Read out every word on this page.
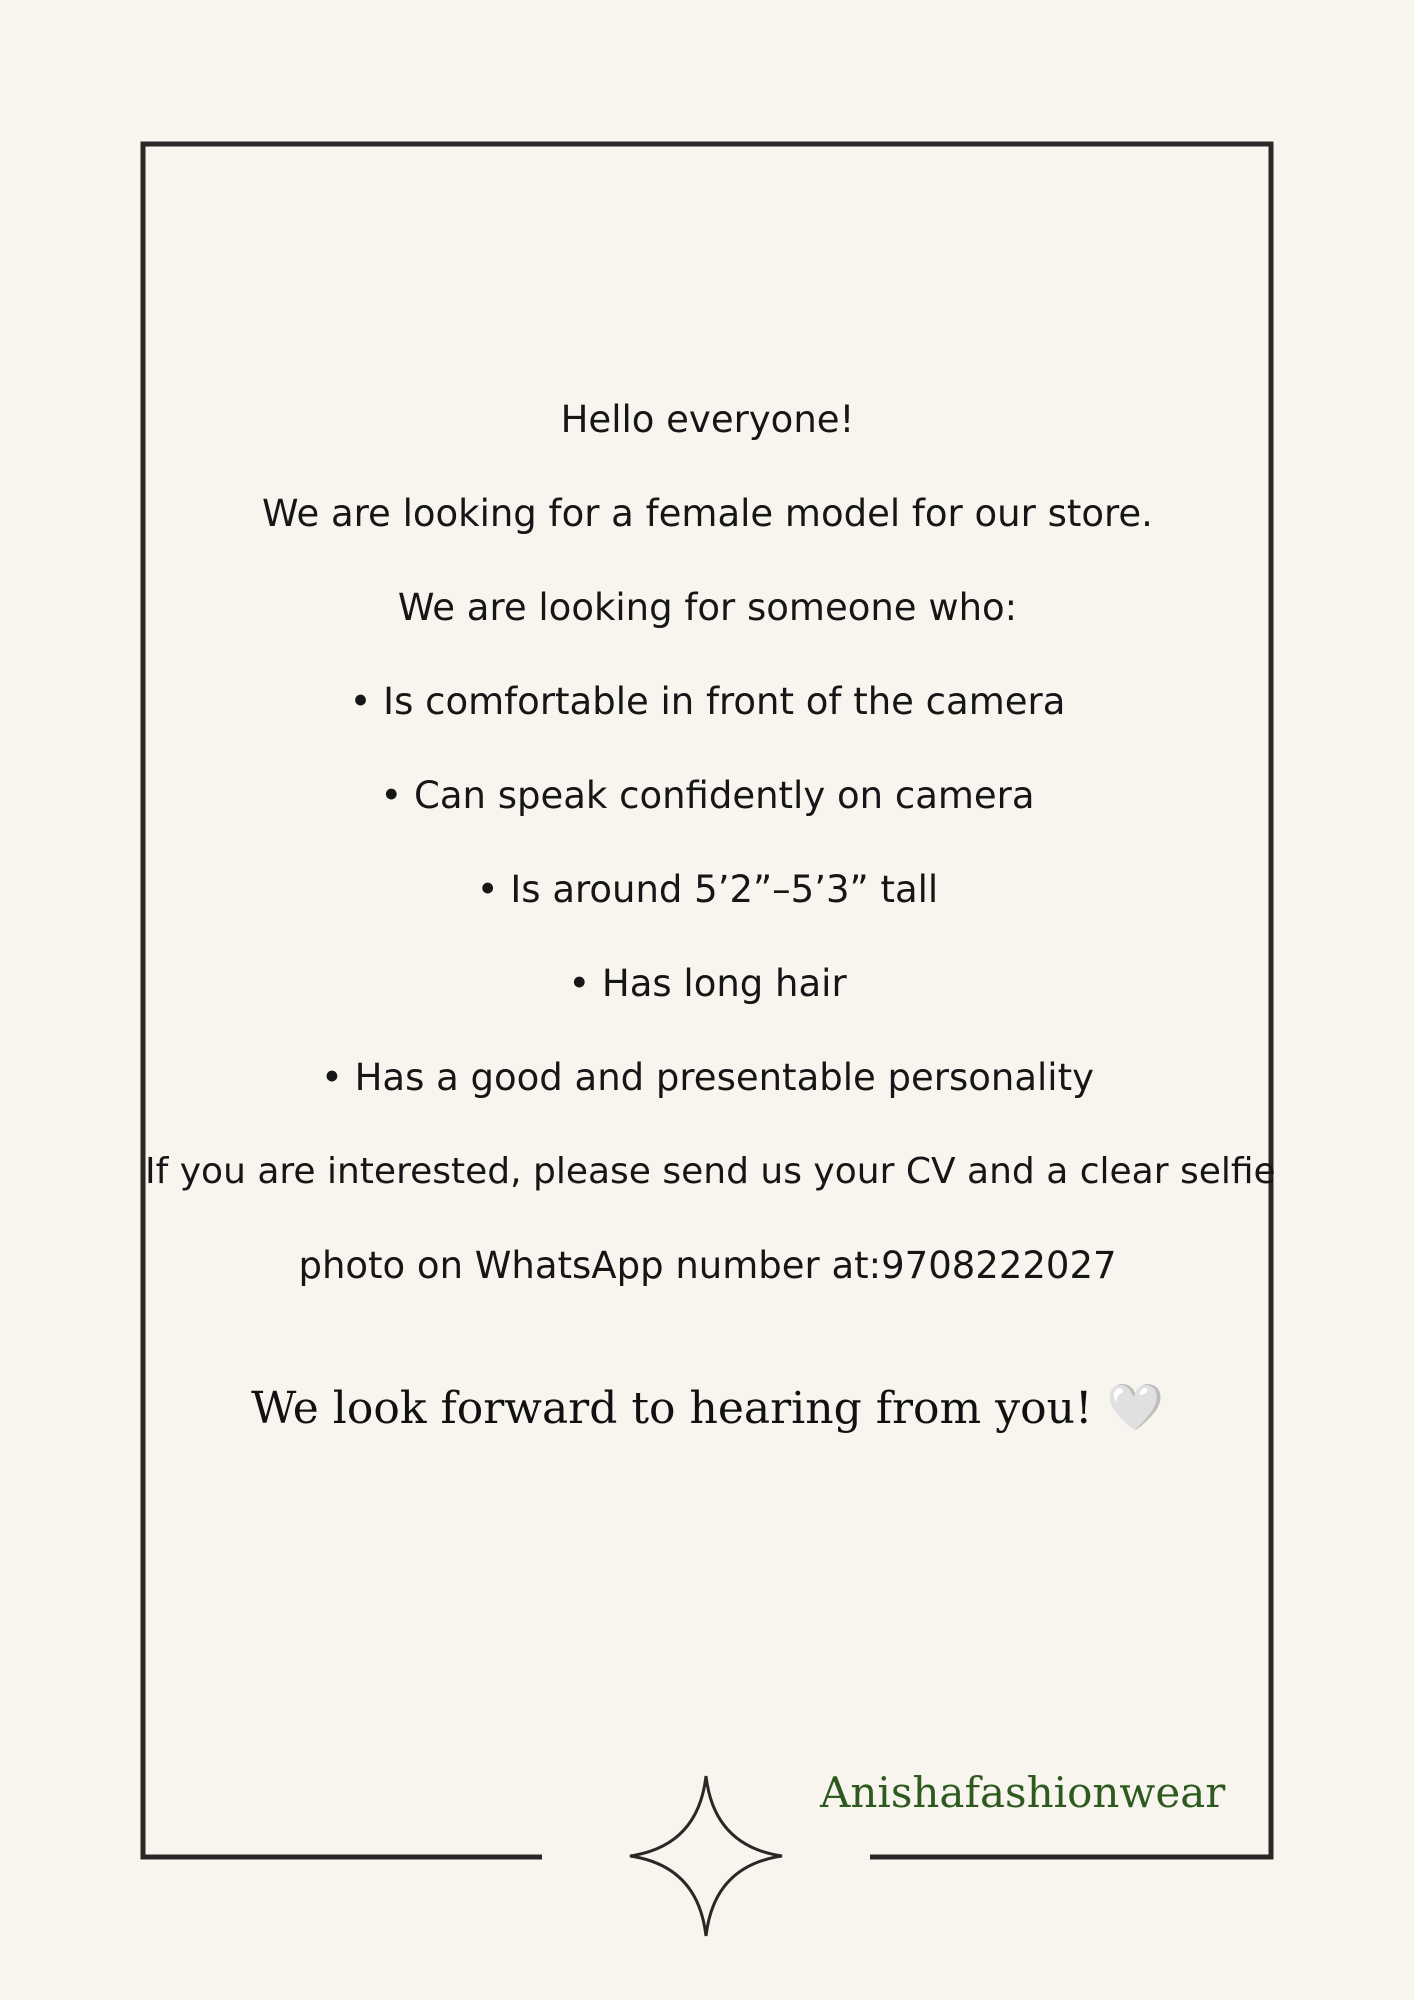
Hello everyone!
We are looking for a female model for our store.
We are looking for someone who:
• Is comfortable in front of the camera
• Can speak confidently on camera
• Is around 5’2”–5’3” tall
• Has long hair
• Has a good and presentable personality
If you are interested, please send us your CV and a clear selfie
photo on WhatsApp number at:9708222027
We look forward to hearing from you! 🤍
Anishafashionwear
